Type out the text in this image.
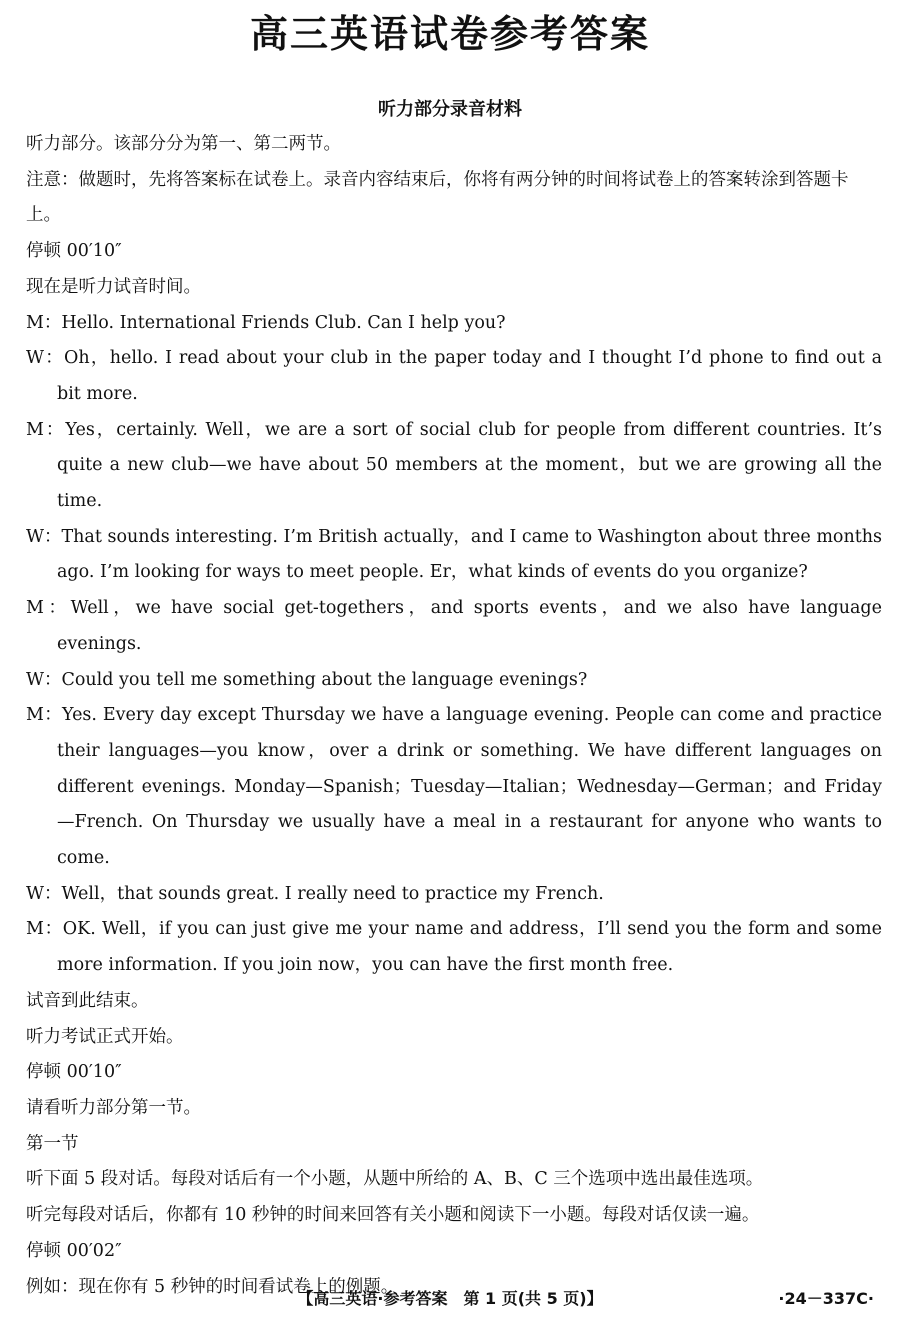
高三英语试卷参考答案
听力部分录音材料
听力部分。该部分分为第一、第二两节。

注意：做题时，先将答案标在试卷上。录音内容结束后，你将有两分钟的时间将试卷上的答案转涂到答题卡上。

停顿 00′10″
现在是听力试音时间。

M：Hello. International Friends Club. Can I help you?

W：Oh，hello. I read about your club in the paper today and I thought I’d phone to find out a bit more.

M：Yes，certainly. Well，we are a sort of social club for people from different countries. It’s quite a new club—we have about 50 members at the moment，but we are growing all the time.

W：That sounds interesting. I’m British actually，and I came to Washington about three months ago. I’m looking for ways to meet people. Er，what kinds of events do you organize?

M：Well，we have social get-togethers，and sports events，and we also have language evenings.

W：Could you tell me something about the language evenings?

M：Yes. Every day except Thursday we have a language evening. People can come and practice their languages—you know，over a drink or something. We have different languages on different evenings. Monday—Spanish；Tuesday—Italian；Wednesday—German；and Friday—French. On Thursday we usually have a meal in a restaurant for anyone who wants to come.

W：Well，that sounds great. I really need to practice my French.

M：OK. Well，if you can just give me your name and address，I’ll send you the form and some more information. If you join now，you can have the first month free.

试音到此结束。
听力考试正式开始。
停顿 00′10″
请看听力部分第一节。
第一节
听下面 5 段对话。每段对话后有一个小题，从题中所给的 A、B、C 三个选项中选出最佳选项。
听完每段对话后，你都有 10 秒钟的时间来回答有关小题和阅读下一小题。每段对话仅读一遍。
停顿 00′02″
例如：现在你有 5 秒钟的时间看试卷上的例题。
【高三英语·参考答案　第 1 页(共 5 页)】	·24－337C·
